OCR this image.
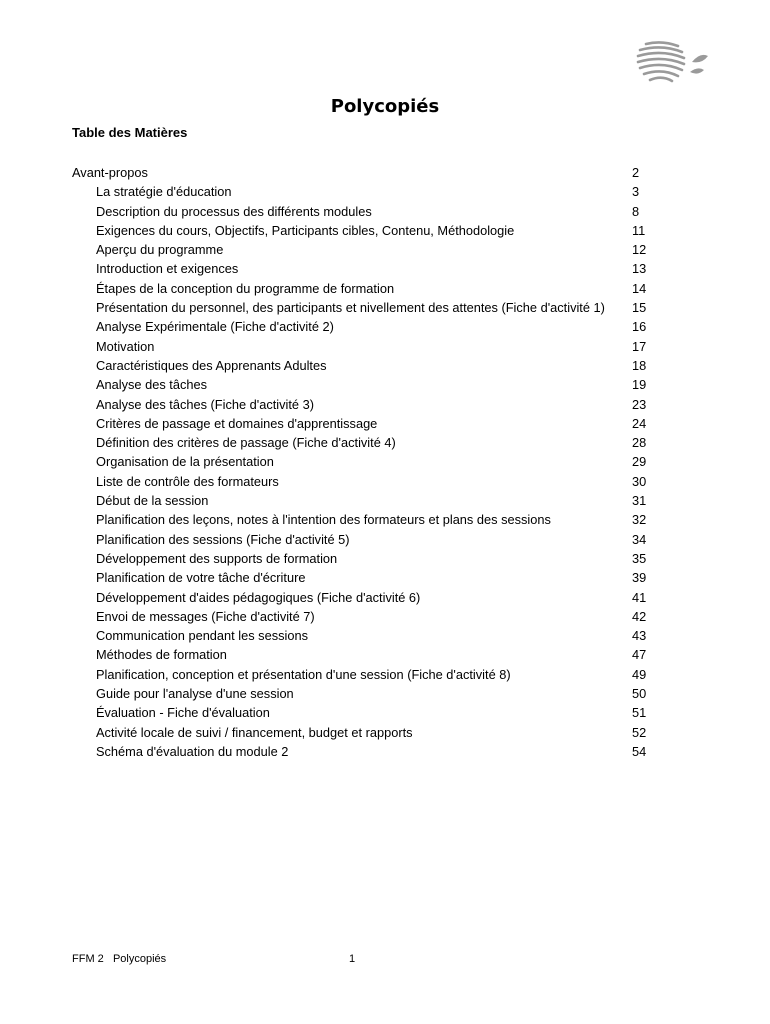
Polycopiés
Table des Matières
Avant-propos	2
La stratégie d'éducation	3
Description du processus des différents modules	8
Exigences du cours, Objectifs, Participants cibles, Contenu, Méthodologie	11
Aperçu du programme	12
Introduction et exigences	13
Étapes de la conception du programme de formation	14
Présentation du personnel, des participants et nivellement des attentes (Fiche d'activité 1) 15
Analyse Expérimentale (Fiche d'activité 2)	16
Motivation	17
Caractéristiques des Apprenants Adultes	18
Analyse des tâches	19
Analyse des tâches (Fiche d'activité 3)	23
Critères de passage et domaines d'apprentissage	24
Définition des critères de passage (Fiche d'activité 4)	28
Organisation de la présentation	29
Liste de contrôle des formateurs	30
Début de la session	31
Planification des leçons, notes à l'intention des formateurs et plans des sessions	32
Planification des sessions (Fiche d'activité 5)	34
Développement des supports de formation	35
Planification de votre tâche d'écriture	39
Développement d'aides pédagogiques (Fiche d'activité 6)	41
Envoi de messages (Fiche d'activité 7)	42
Communication pendant les sessions	43
Méthodes de formation	47
Planification, conception et présentation d'une session (Fiche d'activité 8)	49
Guide pour l'analyse d'une session	50
Évaluation - Fiche d'évaluation	51
Activité locale de suivi / financement, budget et rapports	52
Schéma d'évaluation du module 2	54
FFM 2   Polycopiés	1
